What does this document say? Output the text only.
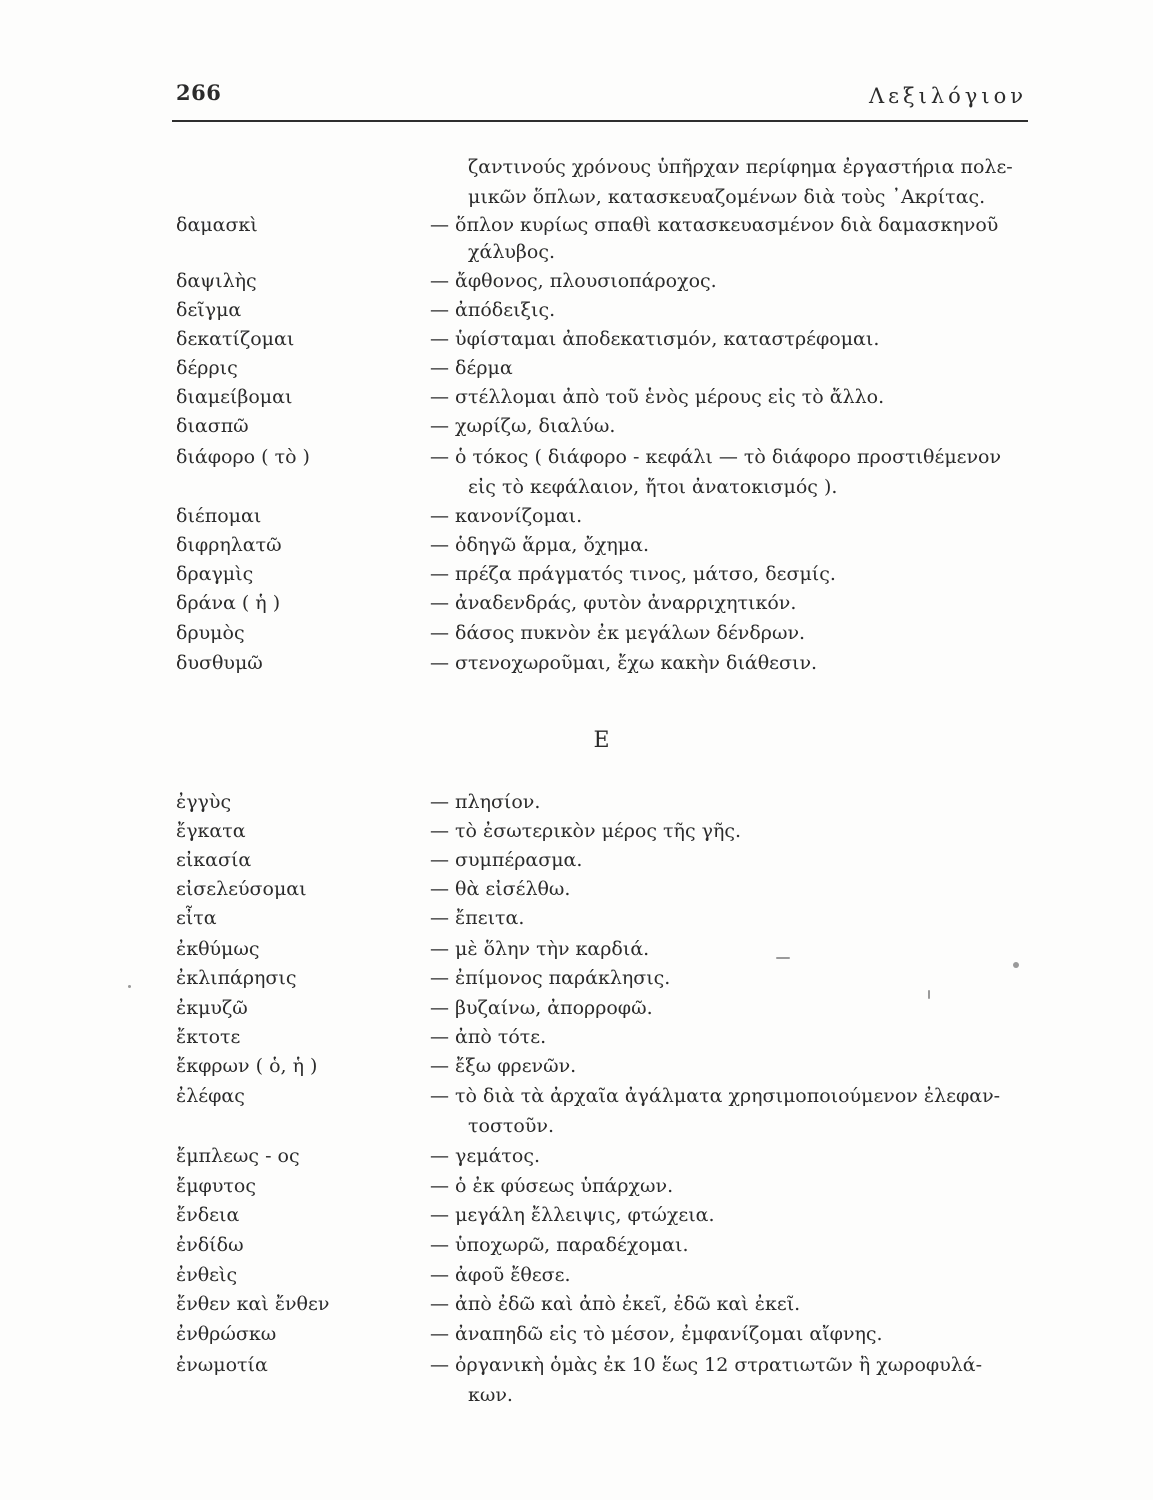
266	Λεξιλόγιον
ζαντινούς χρόνους ὑπῆρχαν περίφημα ἐργαστήρια πολε-
μικῶν ὅπλων, κατασκευαζομένων διὰ τοὺς ᾿Ακρίτας.
δαμασκὶ	— ὅπλον κυρίως σπαθὶ κατασκευασμένον διὰ δαμασκηνοῦ
χάλυβος.
δαψιλὴς	— ἄφθονος, πλουσιοπάροχος.
δεῖγμα	— ἀπόδειξις.
δεκατίζομαι	— ὑφίσταμαι ἀποδεκατισμόν, καταστρέφομαι.
δέρρις	— δέρμα
διαμείβομαι	— στέλλομαι ἀπὸ τοῦ ἑνὸς μέρους εἰς τὸ ἄλλο.
διασπῶ	— χωρίζω, διαλύω.
διάφορο ( τὸ )	— ὁ τόκος ( διάφορο - κεφάλι — τὸ διάφορο προστιθέμενον
εἰς τὸ κεφάλαιον, ἤτοι ἀνατοκισμός ).
διέπομαι	— κανονίζομαι.
διφρηλατῶ	— ὁδηγῶ ἅρμα, ὄχημα.
δραγμὶς	— πρέζα πράγματός τινος, μάτσο, δεσμίς.
δράνα ( ἡ )	— ἀναδενδράς, φυτὸν ἀναρριχητικόν.
δρυμὸς	— δάσος πυκνὸν ἐκ μεγάλων δένδρων.
δυσθυμῶ	— στενοχωροῦμαι, ἔχω κακὴν διάθεσιν.
Ε
ἐγγὺς	— πλησίον.
ἔγκατα	— τὸ ἐσωτερικὸν μέρος τῆς γῆς.
εἰκασία	— συμπέρασμα.
εἰσελεύσομαι	— θὰ εἰσέλθω.
εἶτα	— ἔπειτα.
ἐκθύμως	— μὲ ὅλην τὴν καρδιά.
ἐκλιπάρησις	— ἐπίμονος παράκλησις.
ἐκμυζῶ	— βυζαίνω, ἀπορροφῶ.
ἔκτοτε	— ἀπὸ τότε.
ἔκφρων ( ὁ, ἡ )	— ἔξω φρενῶν.
ἐλέφας	— τὸ διὰ τὰ ἀρχαῖα ἀγάλματα χρησιμοποιούμενον ἐλεφαν-
τοστοῦν.
ἔμπλεως - ος	— γεμάτος.
ἔμφυτος	— ὁ ἐκ φύσεως ὑπάρχων.
ἔνδεια	— μεγάλη ἔλλειψις, φτώχεια.
ἐνδίδω	— ὑποχωρῶ, παραδέχομαι.
ἐνθεὶς	— ἀφοῦ ἔθεσε.
ἔνθεν καὶ ἔνθεν	— ἀπὸ ἐδῶ καὶ ἀπὸ ἐκεῖ, ἐδῶ καὶ ἐκεῖ.
ἐνθρώσκω	— ἀναπηδῶ εἰς τὸ μέσον, ἐμφανίζομαι αἴφνης.
ἐνωμοτία	— ὀργανικὴ ὁμὰς ἐκ 10 ἕως 12 στρατιωτῶν ἢ χωροφυλά-
κων.
